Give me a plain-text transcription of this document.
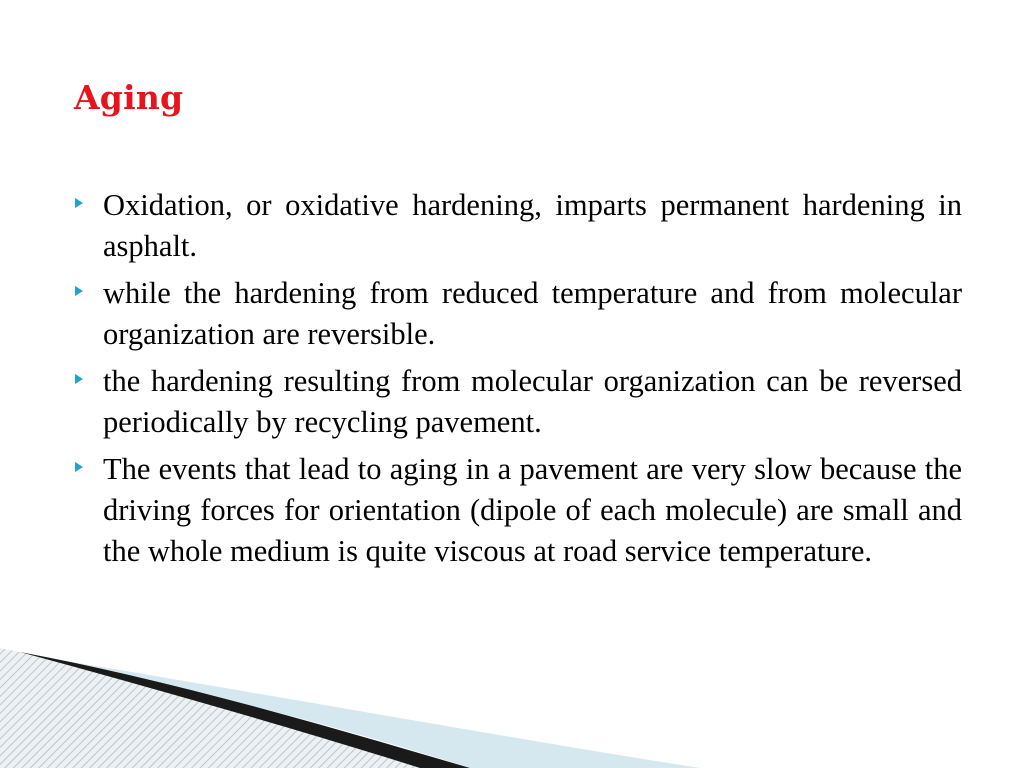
Aging
Oxidation, or oxidative hardening, imparts permanent hardening in asphalt.
while the hardening from reduced temperature and from molecular organization are reversible.
the hardening resulting from molecular organization can be reversed periodically by recycling pavement.
The events that lead to aging in a pavement are very slow because the driving forces for orientation (dipole of each molecule) are small and the whole medium is quite viscous at road service temperature.
